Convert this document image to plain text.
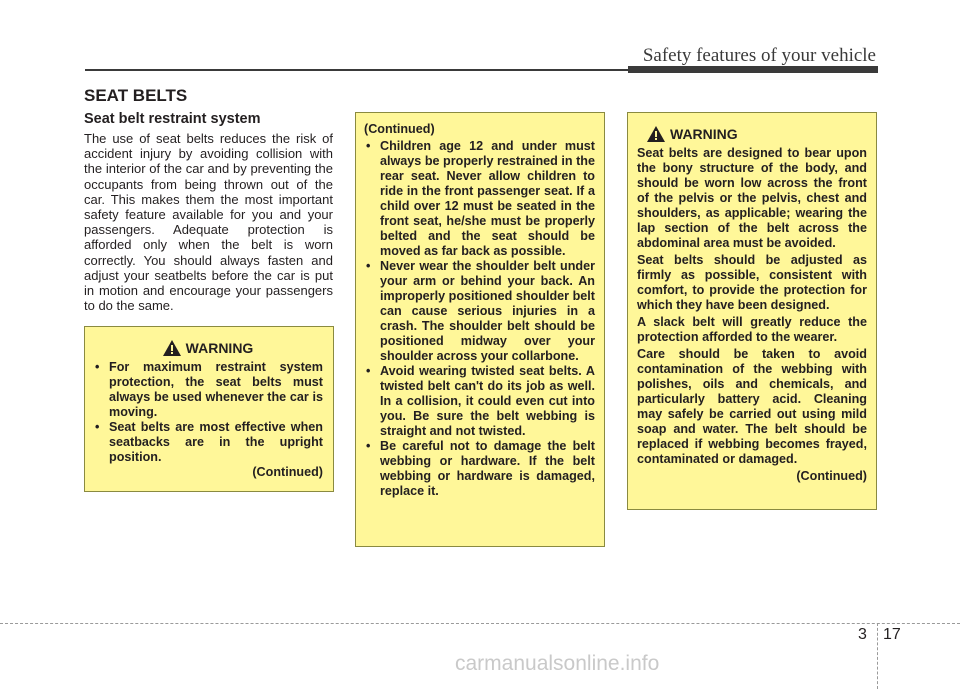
Safety features of your vehicle
SEAT BELTS
Seat belt restraint system

The use of seat belts reduces the risk of accident injury by avoiding collision with the interior of the car and by preventing the occupants from being thrown out of the car. This makes them the most important safety feature available for you and your passengers. Adequate protection is afforded only when the belt is worn correctly. You should always fasten and adjust your seatbelts before the car is put in motion and encourage your passengers to do the same.

WARNING
• For maximum restraint system protection, the seat belts must always be used whenever the car is moving.
• Seat belts are most effective when seatbacks are in the upright position.
(Continued)
(Continued)
• Children age 12 and under must always be properly restrained in the rear seat. Never allow children to ride in the front passenger seat. If a child over 12 must be seated in the front seat, he/she must be properly belted and the seat should be moved as far back as possible.
• Never wear the shoulder belt under your arm or behind your back. An improperly positioned shoulder belt can cause serious injuries in a crash. The shoulder belt should be positioned midway over your shoulder across your collarbone.
• Avoid wearing twisted seat belts. A twisted belt can't do its job as well. In a collision, it could even cut into you. Be sure the belt webbing is straight and not twisted.
• Be careful not to damage the belt webbing or hardware. If the belt webbing or hardware is damaged, replace it.
WARNING

Seat belts are designed to bear upon the bony structure of the body, and should be worn low across the front of the pelvis or the pelvis, chest and shoulders, as applicable; wearing the lap section of the belt across the abdominal area must be avoided.

Seat belts should be adjusted as firmly as possible, consistent with comfort, to provide the protection for which they have been designed.

A slack belt will greatly reduce the protection afforded to the wearer.

Care should be taken to avoid contamination of the webbing with polishes, oils and chemicals, and particularly battery acid. Cleaning may safely be carried out using mild soap and water. The belt should be replaced if webbing becomes frayed, contaminated or damaged.

(Continued)
3 17
carmanualsonline.info
